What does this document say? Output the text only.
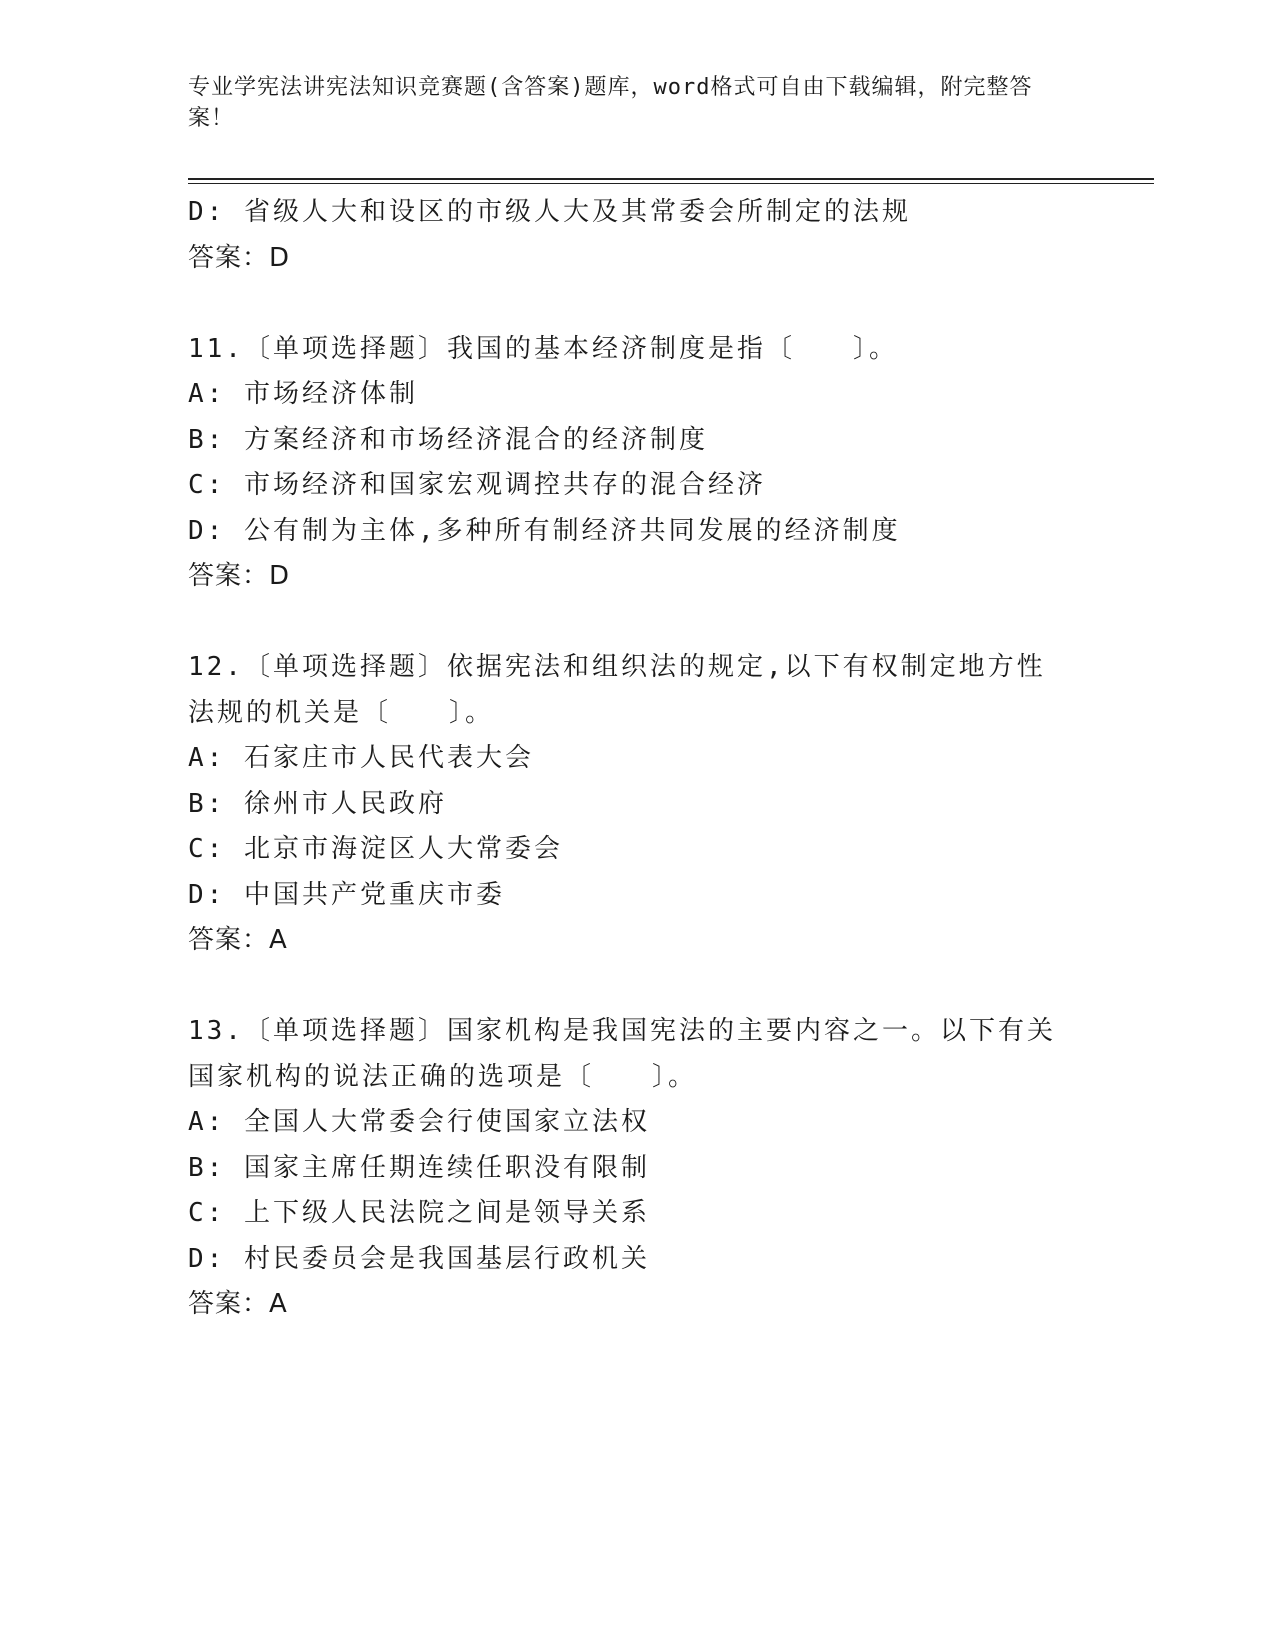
专业学宪法讲宪法知识竞赛题(含答案)题库，word格式可自由下载编辑，附完整答案！
D: 省级人大和设区的市级人大及其常委会所制定的法规
答案：D
11.〔单项选择题〕我国的基本经济制度是指〔　　〕。
A: 市场经济体制
B: 方案经济和市场经济混合的经济制度
C: 市场经济和国家宏观调控共存的混合经济
D: 公有制为主体,多种所有制经济共同发展的经济制度
答案：D
12.〔单项选择题〕依据宪法和组织法的规定,以下有权制定地方性法规的机关是〔　　〕。
A: 石家庄市人民代表大会
B: 徐州市人民政府
C: 北京市海淀区人大常委会
D: 中国共产党重庆市委
答案：A
13.〔单项选择题〕国家机构是我国宪法的主要内容之一。以下有关国家机构的说法正确的选项是〔　　〕。
A: 全国人大常委会行使国家立法权
B: 国家主席任期连续任职没有限制
C: 上下级人民法院之间是领导关系
D: 村民委员会是我国基层行政机关
答案：A
